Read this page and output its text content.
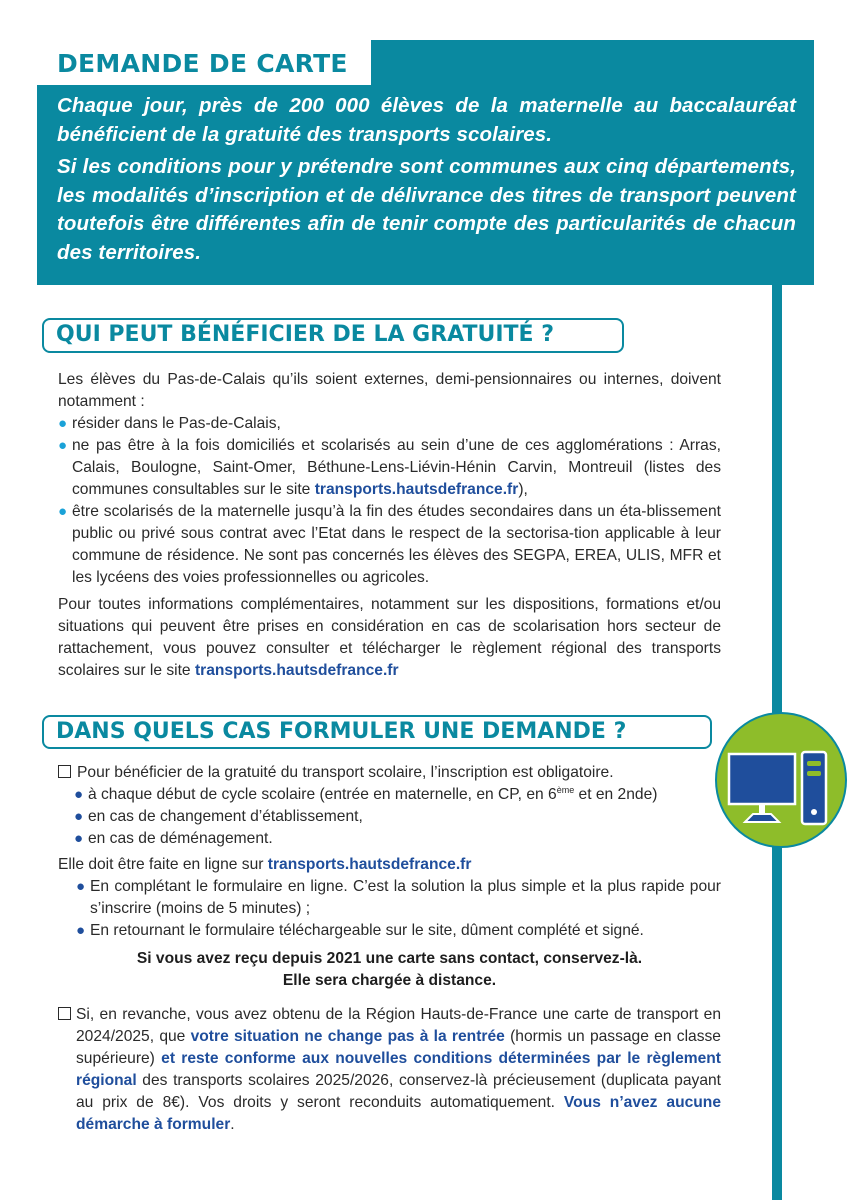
DEMANDE DE CARTE

Chaque jour, près de 200 000 élèves de la maternelle au baccalauréat bénéficient de la gratuité des transports scolaires.

Si les conditions pour y prétendre sont communes aux cinq départements, les modalités d’inscription et de délivrance des titres de transport peuvent toutefois être différentes afin de tenir compte des particularités de chacun des territoires.

QUI PEUT BÉNÉFICIER DE LA GRATUITÉ ?

Les élèves du Pas-de-Calais qu’ils soient externes, demi-pensionnaires ou internes, doivent notamment :

● résider dans le Pas-de-Calais,
● ne pas être à la fois domiciliés et scolarisés au sein d’une de ces agglomérations : Arras, Calais, Boulogne, Saint-Omer, Béthune-Lens-Liévin-Hénin Carvin, Montreuil (listes des communes consultables sur le site transports.hautsdefrance.fr),
● être scolarisés de la maternelle jusqu’à la fin des études secondaires dans un éta-blissement public ou privé sous contrat avec l’Etat dans le respect de la sectorisa-tion applicable à leur commune de résidence. Ne sont pas concernés les élèves des SEGPA, EREA, ULIS, MFR et les lycéens des voies professionnelles ou agricoles.

Pour toutes informations complémentaires, notamment sur les dispositions, formations et/ou situations qui peuvent être prises en considération en cas de scolarisation hors secteur de rattachement, vous pouvez consulter et télécharger le règlement régional des transports scolaires sur le site transports.hautsdefrance.fr

DANS QUELS CAS FORMULER UNE DEMANDE ?

Pour bénéficier de la gratuité du transport scolaire, l’inscription est obligatoire.

● à chaque début de cycle scolaire (entrée en maternelle, en CP, en 6ème et en 2nde)
● en cas de changement d’établissement,
● en cas de déménagement.

Elle doit être faite en ligne sur transports.hautsdefrance.fr

● En complétant le formulaire en ligne. C’est la solution la plus simple et la plus rapide pour s’inscrire (moins de 5 minutes) ;
● En retournant le formulaire téléchargeable sur le site, dûment complété et signé.

Si vous avez reçu depuis 2021 une carte sans contact, conservez-là.

Elle sera chargée à distance.

Si, en revanche, vous avez obtenu de la Région Hauts-de-France une carte de transport en 2024/2025, que votre situation ne change pas à la rentrée (hormis un passage en classe supérieure) et reste conforme aux nouvelles conditions déterminées par le règlement régional des transports scolaires 2025/2026, conservez-là précieusement (duplicata payant au prix de 8€). Vos droits y seront reconduits automatiquement. Vous n’avez aucune démarche à formuler.
